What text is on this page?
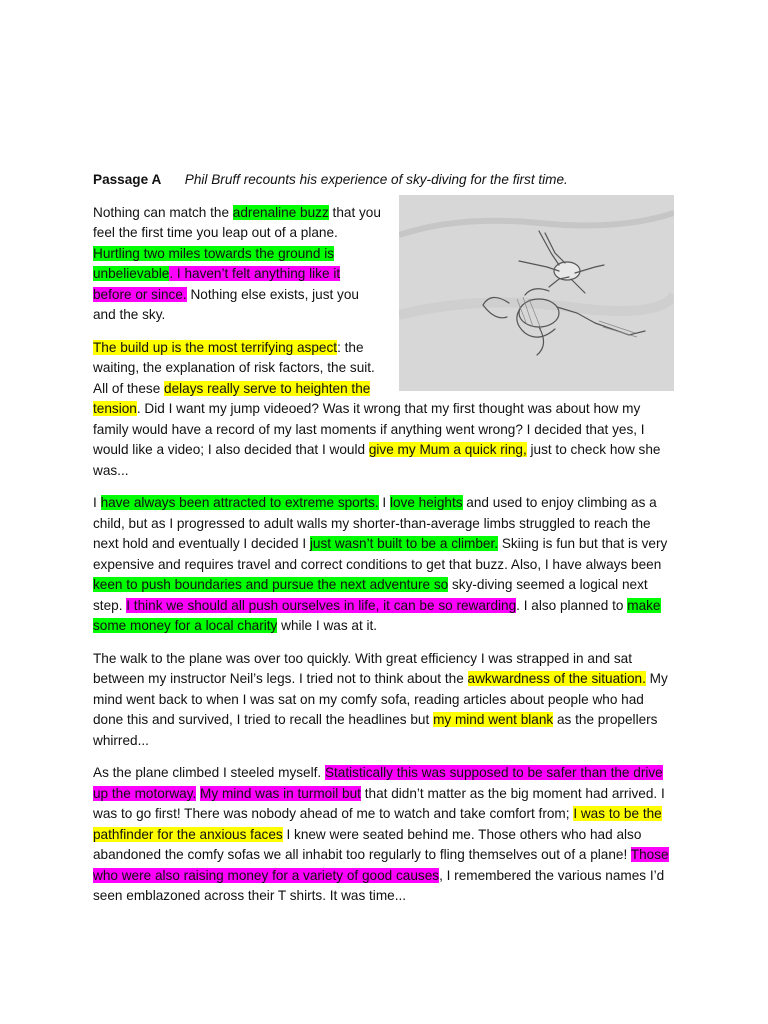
Passage A Phil Bruff recounts his experience of sky-diving for the first time.

Nothing can match the adrenaline buzz that you feel the first time you leap out of a plane. Hurtling two miles towards the ground is unbelievable. I haven’t felt anything like it before or since. Nothing else exists, just you and the sky.

The build up is the most terrifying aspect: the waiting, the explanation of risk factors, the suit. All of these delays really serve to heighten the tension. Did I want my jump videoed? Was it wrong that my first thought was about how my family would have a record of my last moments if anything went wrong? I decided that yes, I would like a video; I also decided that I would give my Mum a quick ring, just to check how she was...

I have always been attracted to extreme sports. I love heights and used to enjoy climbing as a child, but as I progressed to adult walls my shorter-than-average limbs struggled to reach the next hold and eventually I decided I just wasn’t built to be a climber. Skiing is fun but that is very expensive and requires travel and correct conditions to get that buzz. Also, I have always been keen to push boundaries and pursue the next adventure so sky-diving seemed a logical next step. I think we should all push ourselves in life, it can be so rewarding. I also planned to make some money for a local charity while I was at it.

The walk to the plane was over too quickly. With great efficiency I was strapped in and sat between my instructor Neil’s legs. I tried not to think about the awkwardness of the situation. My mind went back to when I was sat on my comfy sofa, reading articles about people who had done this and survived, I tried to recall the headlines but my mind went blank as the propellers whirred...

As the plane climbed I steeled myself. Statistically this was supposed to be safer than the drive up the motorway. My mind was in turmoil but that didn’t matter as the big moment had arrived. I was to go first! There was nobody ahead of me to watch and take comfort from; I was to be the pathfinder for the anxious faces I knew were seated behind me. Those others who had also abandoned the comfy sofas we all inhabit too regularly to fling themselves out of a plane! Those who were also raising money for a variety of good causes, I remembered the various names I’d seen emblazoned across their T shirts. It was time...
